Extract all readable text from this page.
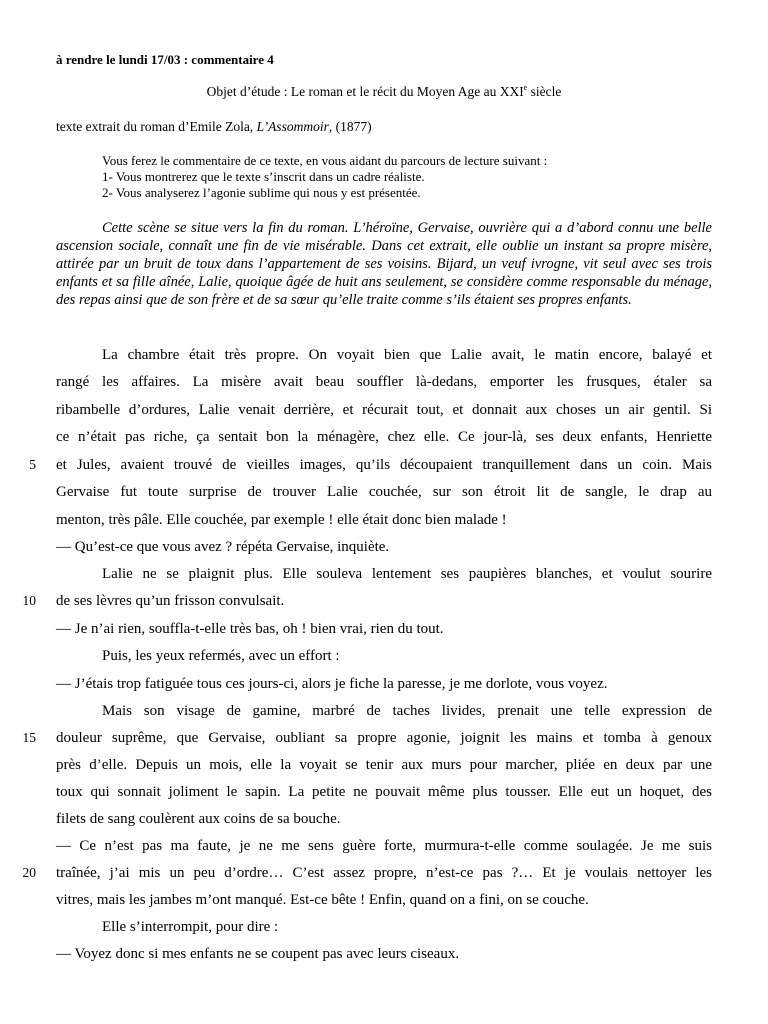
à rendre le lundi 17/03 : commentaire 4
Objet d’étude : Le roman et le récit du Moyen Age au XXIe siècle
texte extrait du roman d’Emile Zola, L’Assommoir, (1877)
Vous ferez le commentaire de ce texte, en vous aidant du parcours de lecture suivant :
1- Vous montrerez que le texte s’inscrit dans un cadre réaliste.
2- Vous analyserez l’agonie sublime qui nous y est présentée.
Cette scène se situe vers la fin du roman. L’héroïne, Gervaise, ouvrière qui a d’abord connu une belle ascension sociale, connaît une fin de vie misérable. Dans cet extrait, elle oublie un instant sa propre misère, attirée par un bruit de toux dans l’appartement de ses voisins. Bijard, un veuf ivrogne, vit seul avec ses trois enfants et sa fille aînée, Lalie, quoique âgée de huit ans seulement, se considère comme responsable du ménage, des repas ainsi que de son frère et de sa sœur qu’elle traite comme s’ils étaient ses propres enfants.
La chambre était très propre. On voyait bien que Lalie avait, le matin encore, balayé et
rangé les affaires. La misère avait beau souffler là-dedans, emporter les frusques, étaler sa
ribambelle d’ordures, Lalie venait derrière, et récurait tout, et donnait aux choses un air gentil. Si
ce n’était pas riche, ça sentait bon la ménagère, chez elle. Ce jour-là, ses deux enfants, Henriette
et Jules, avaient trouvé de vieilles images, qu’ils découpaient tranquillement dans un coin. Mais
Gervaise fut toute surprise de trouver Lalie couchée, sur son étroit lit de sangle, le drap au
menton, très pâle. Elle couchée, par exemple ! elle était donc bien malade !
— Qu’est-ce que vous avez ? répéta Gervaise, inquiète.
Lalie ne se plaignit plus. Elle souleva lentement ses paupières blanches, et voulut sourire
de ses lèvres qu’un frisson convulsait.
— Je n’ai rien, souffla-t-elle très bas, oh ! bien vrai, rien du tout.
Puis, les yeux refermés, avec un effort :
— J’étais trop fatiguée tous ces jours-ci, alors je fiche la paresse, je me dorlote, vous voyez.
Mais son visage de gamine, marbré de taches livides, prenait une telle expression de
douleur suprême, que Gervaise, oubliant sa propre agonie, joignit les mains et tomba à genoux
près d’elle. Depuis un mois, elle la voyait se tenir aux murs pour marcher, pliée en deux par une
toux qui sonnait joliment le sapin. La petite ne pouvait même plus tousser. Elle eut un hoquet, des
filets de sang coulèrent aux coins de sa bouche.
— Ce n’est pas ma faute, je ne me sens guère forte, murmura-t-elle comme soulagée. Je me suis
traînée, j’ai mis un peu d’ordre… C’est assez propre, n’est-ce pas ?… Et je voulais nettoyer les
vitres, mais les jambes m’ont manqué. Est-ce bête ! Enfin, quand on a fini, on se couche.
Elle s’interrompit, pour dire :
— Voyez donc si mes enfants ne se coupent pas avec leurs ciseaux.
5
10
15
20
